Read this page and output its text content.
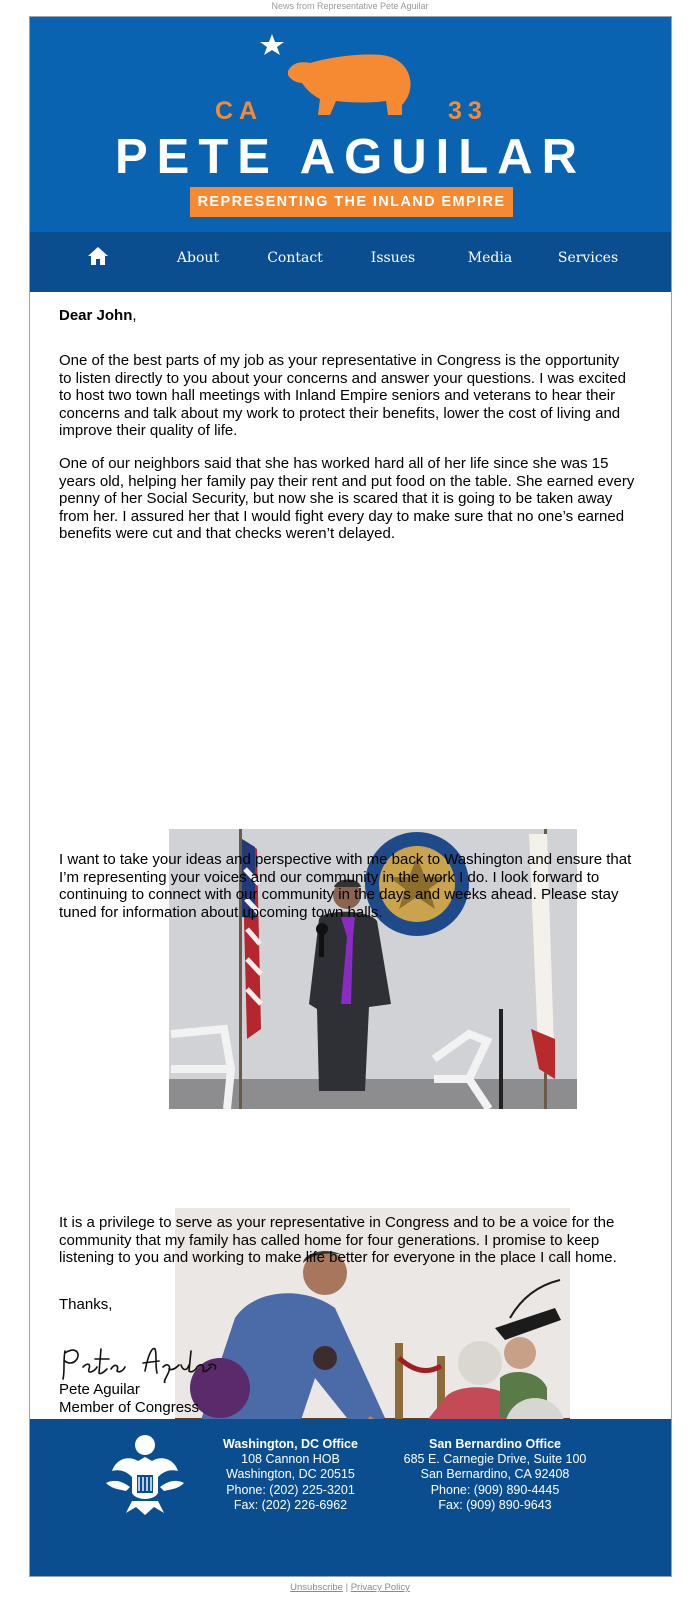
News from Representative Pete Aguilar
CA	33
PETE AGUILAR
REPRESENTING THE INLAND EMPIRE
About	Contact	Issues	Media	Services

Dear John,

One of the best parts of my job as your representative in Congress is the opportunity to listen directly to you about your concerns and answer your questions. I was excited to host two town hall meetings with Inland Empire seniors and veterans to hear their concerns and talk about my work to protect their benefits, lower the cost of living and improve their quality of life.

One of our neighbors said that she has worked hard all of her life since she was 15 years old, helping her family pay their rent and put food on the table. She earned every penny of her Social Security, but now she is scared that it is going to be taken away from her. I assured her that I would fight every day to make sure that no one’s earned benefits were cut and that checks weren’t delayed.

I want to take your ideas and perspective with me back to Washington and ensure that I’m representing your voices and our community in the work I do. I look forward to continuing to connect with our community in the days and weeks ahead. Please stay tuned for information about upcoming town halls.

It is a privilege to serve as your representative in Congress and to be a voice for the community that my family has called home for four generations. I promise to keep listening to you and working to make life better for everyone in the place I call home.

Thanks,

Pete Aguilar
Member of Congress
Washington, DC Office
108 Cannon HOB
Washington, DC 20515
Phone: (202) 225-3201
Fax: (202) 226-6962
San Bernardino Office
685 E. Carnegie Drive, Suite 100
San Bernardino, CA 92408
Phone: (909) 890-4445
Fax: (909) 890-9643
Unsubscribe | Privacy Policy
